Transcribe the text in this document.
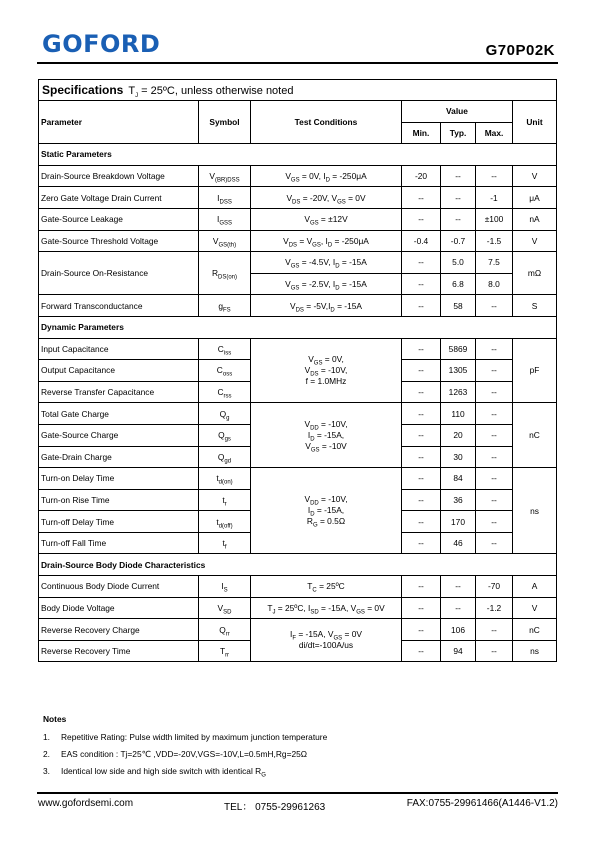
GOFORD	G70P02K
Specifications $T_J$ = 25ºC, unless otherwise noted						
Parameter	Symbol	Test Conditions	Value			Unit
			Min.	Typ.	Max.	
Static Parameters						
Drain-Source Breakdown Voltage	$V_{(BR)DSS}$	$V_{GS} = 0V$, $I_D = -250\mu A$	-20	--	--	V
Zero Gate Voltage Drain Current	$I_{DSS}$	$V_{DS} = -20V$, $V_{GS} = 0V$	--	--	-1	μA
Gate-Source Leakage	$I_{GSS}$	$V_{GS} = \pm 12V$	--	--	±100	nA
Gate-Source Threshold Voltage	$V_{GS(th)}$	$V_{DS} = V_{GS}$, $I_D = -250\mu A$	-0.4	-0.7	-1.5	V
Drain-Source On-Resistance	$R_{DS(on)}$	$V_{GS} = -4.5V$, $I_D = -15A$	--	5.0	7.5	mΩ
		$V_{GS} = -2.5V$, $I_D = -15A$	--	6.8	8.0	
Forward Transconductance	$g_{FS}$	$V_{DS} = -5V,I_D = -15A$	--	58	--	S
Dynamic Parameters						
Input Capacitance	$C_{iss}$	$V_{GS} = 0V$,
$V_{DS} = -10V$,
f = 1.0MHz	--	5869	--	pF
Output Capacitance	$C_{oss}$		--	1305	--	
Reverse Transfer Capacitance	$C_{rss}$		--	1263	--	
Total Gate Charge	$Q_g$	$V_{DD} = -10V$,
$I_D = -15A$,
$V_{GS} = -10V$	--	110	--	nC
Gate-Source Charge	$Q_{gs}$		--	20	--	
Gate-Drain Charge	$Q_{gd}$		--	30	--	
Turn-on Delay Time	$t_{d(on)}$	$V_{DD} = -10V$,
$I_D = -15A$,
$R_G = 0.5\Omega$	--	84	--	ns
Turn-on Rise Time	$t_r$		--	36	--	
Turn-off Delay Time	$t_{d(off)}$		--	170	--	
Turn-off Fall Time	$t_f$		--	46	--	
Drain-Source Body Diode Characteristics						
Continuous Body Diode Current	$I_S$	$T_C$ = 25ºC	--	--	-70	A
Body Diode Voltage	$V_{SD}$	$T_J$ = 25ºC, $I_{SD} = -15A$, $V_{GS} = 0V$	--	--	-1.2	V
Reverse Recovery Charge	$Q_{rr}$	$I_F = -15A$, $V_{GS} = 0V$
di/dt=-100A/us	--	106	--	nC
Reverse Recovery Time	$T_{rr}$		--	94	--	ns
Notes
1. Repetitive Rating: Pulse width limited by maximum junction temperature
2. EAS condition : Tj=25℃ ,VDD=-20V,VGS=-10V,L=0.5mH,Rg=25Ω
3. Identical low side and high side switch with identical $R_G$
www.gofordsemi.com	TEL： 0755-29961263	FAX:0755-29961466(A1446-V1.2)
